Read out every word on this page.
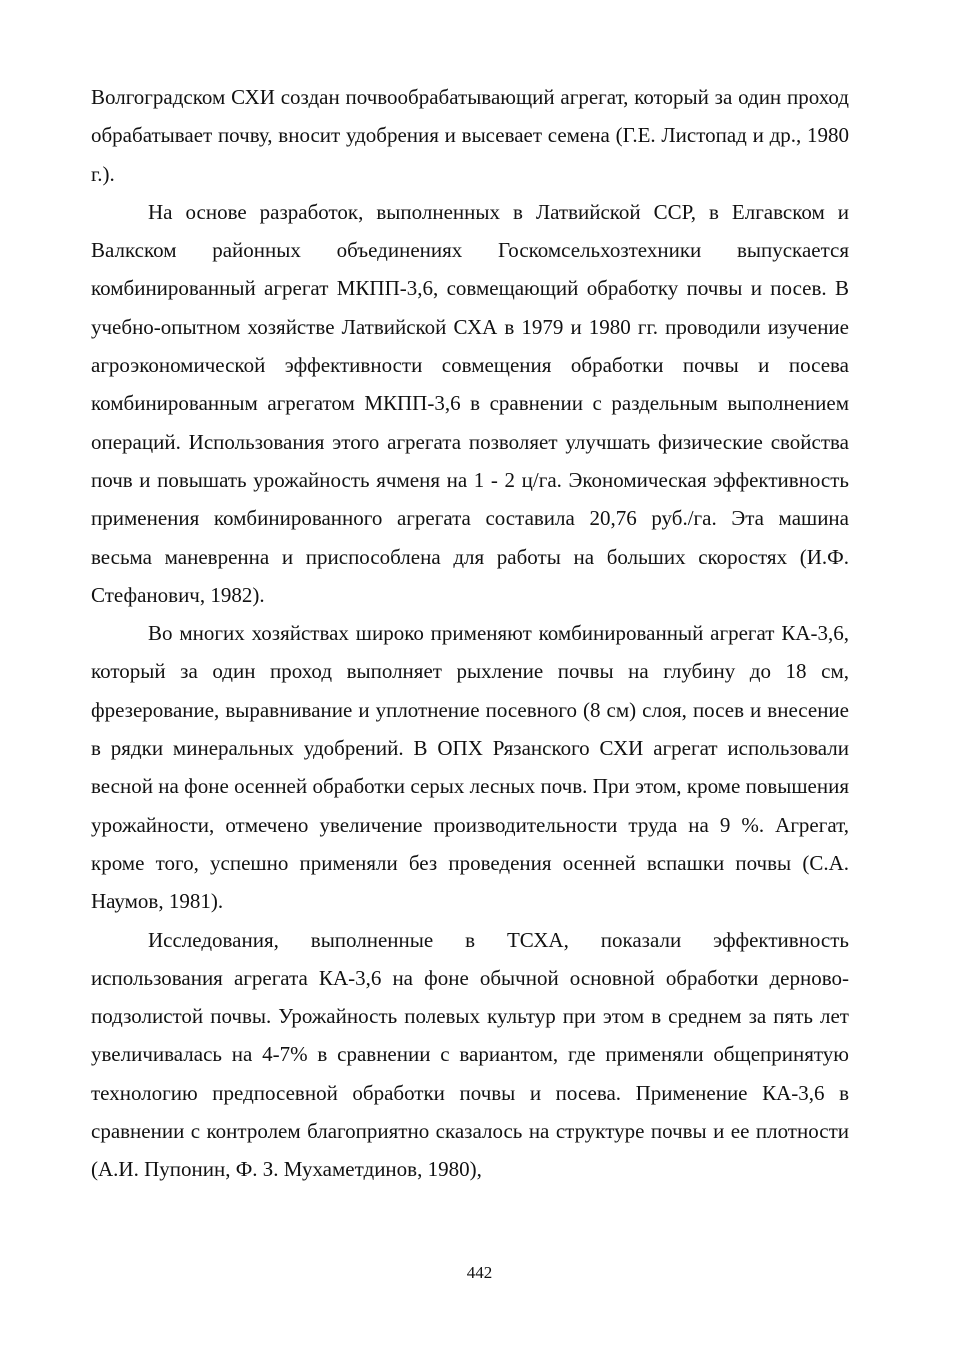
Волгоградском СХИ создан почвообрабатывающий агрегат, который за один проход обрабатывает почву, вносит удобрения и высевает семена (Г.Е. Листопад и др., 1980 г.).

На основе разработок, выполненных в Латвийской ССР, в Елгавском и Валкском районных объединениях Госкомсельхозтехники выпускается комбинированный агрегат МКПП-3,6, совмещающий обработку почвы и посев. В учебно-опытном хозяйстве Латвийской СХА в 1979 и 1980 гг. проводили изучение агроэкономической эффективности совмещения обработки почвы и посева комбинированным агрегатом МКПП-3,6 в сравнении с раздельным выполнением операций. Использования этого агрегата позволяет улучшать физические свойства почв и повышать урожайность ячменя на 1 - 2 ц/га. Экономическая эффективность применения комбинированного агрегата составила 20,76 руб./га. Эта машина весьма маневренна и приспособлена для работы на больших скоростях (И.Ф. Стефанович, 1982).

Во многих хозяйствах широко применяют комбинированный агрегат КА-3,6, который за один проход выполняет рыхление почвы на глубину до 18 см, фрезерование, выравнивание и уплотнение посевного (8 см) слоя, посев и внесение в рядки минеральных удобрений. В ОПХ Рязанского СХИ агрегат использовали весной на фоне осенней обработки серых лесных почв. При этом, кроме повышения урожайности, отмечено увеличение производительности труда на 9 %. Агрегат, кроме того, успешно применяли без проведения осенней вспашки почвы (С.А. Наумов, 1981).

Исследования, выполненные в ТСХА, показали эффективность использования агрегата КА-3,6 на фоне обычной основной обработки дерново-подзолистой почвы. Урожайность полевых культур при этом в среднем за пять лет увеличивалась на 4-7% в сравнении с вариантом, где применяли общепринятую технологию предпосевной обработки почвы и посева. Применение КА-3,6 в сравнении с контролем благоприятно сказалось на структуре почвы и ее плотности (А.И. Пупонин, Ф. З. Мухаметдинов, 1980),

442
